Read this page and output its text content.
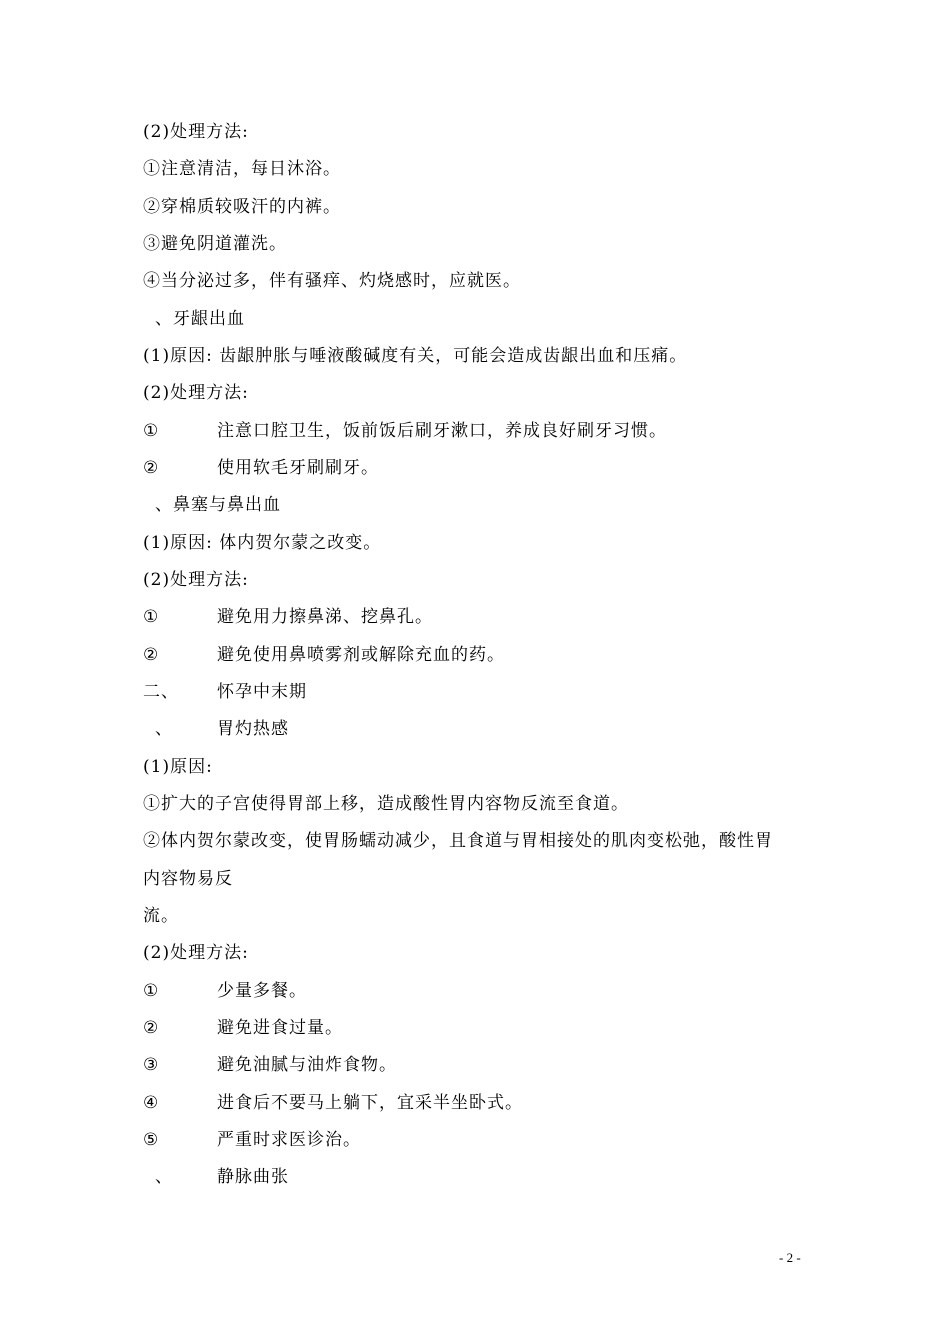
(2)处理方法:
①注意清洁，每日沐浴。
②穿棉质较吸汗的内裤。
③避免阴道灌洗。
④当分泌过多，伴有骚痒、灼烧感时，应就医。
、牙龈出血
(1)原因: 齿龈肿胀与唾液酸碱度有关，可能会造成齿龈出血和压痛。
(2)处理方法:
①	注意口腔卫生，饭前饭后刷牙漱口，养成良好刷牙习惯。
②	使用软毛牙刷刷牙。
、鼻塞与鼻出血
(1)原因: 体内贺尔蒙之改变。
(2)处理方法:
①	避免用力擦鼻涕、挖鼻孔。
②	避免使用鼻喷雾剂或解除充血的药。
二、 怀孕中末期
、	胃灼热感
(1)原因:
①扩大的子宫使得胃部上移，造成酸性胃内容物反流至食道。
②体内贺尔蒙改变，使胃肠蠕动减少，且食道与胃相接处的肌肉变松弛，酸性胃
内容物易反
流。
(2)处理方法:
①	少量多餐。
②	避免进食过量。
③	避免油腻与油炸食物。
④	进食后不要马上躺下，宜采半坐卧式。
⑤	严重时求医诊治。
、	静脉曲张
- 2 -
